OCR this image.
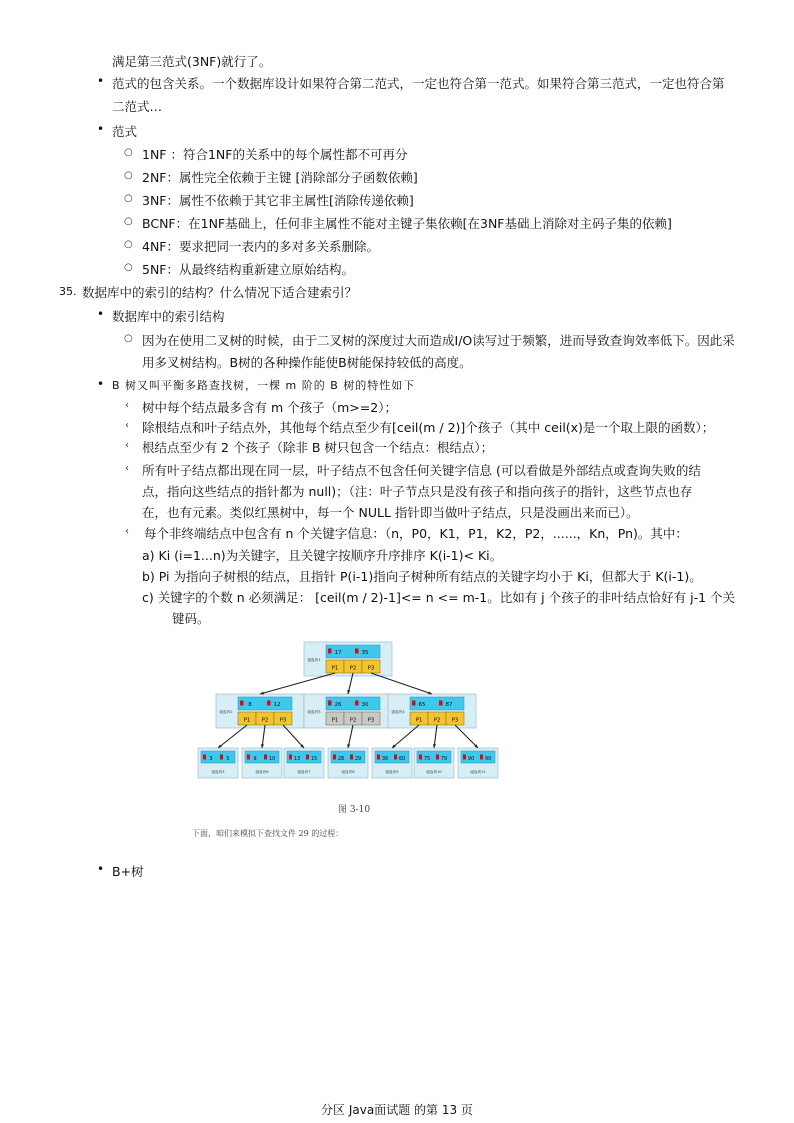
满足第三范式(3NF)就行了。
• 范式的包含关系。一个数据库设计如果符合第二范式，一定也符合第一范式。如果符合第三范式，一定也符合第
二范式…
• 范式
○ 1NF ：符合1NF的关系中的每个属性都不可再分
○ 2NF：属性完全依赖于主键 [消除部分子函数依赖]
○ 3NF：属性不依赖于其它非主属性[消除传递依赖]
○ BCNF：在1NF基础上，任何非主属性不能对主键子集依赖[在3NF基础上消除对主码子集的依赖]
○ 4NF：要求把同一表内的多对多关系删除。
○ 5NF：从最终结构重新建立原始结构。
35. 数据库中的索引的结构？什么情况下适合建索引？
• 数据库中的索引结构
○ 因为在使用二叉树的时候，由于二叉树的深度过大而造成I/O读写过于频繁，进而导致查询效率低下。因此采
用多叉树结构。B树的各种操作能使B树能保持较低的高度。
• B 树又叫平衡多路查找树，一棵 m 阶的 B 树的特性如下
‹ 树中每个结点最多含有 m 个孩子（m>=2）；
‹ 除根结点和叶子结点外，其他每个结点至少有[ceil(m / 2)]个孩子（其中 ceil(x)是一个取上限的函数）；
‹ 根结点至少有 2 个孩子（除非 B 树只包含一个结点：根结点）；
‹ 所有叶子结点都出现在同一层，叶子结点不包含任何关键字信息 (可以看做是外部结点或查询失败的结
点，指向这些结点的指针都为 null)；（注：叶子节点只是没有孩子和指向孩子的指针，这些节点也存
在，也有元素。类似红黑树中，每一个 NULL 指针即当做叶子结点，只是没画出来而已）。
‹ 每个非终端结点中包含有 n 个关键字信息：（n，P0，K1，P1，K2，P2，......，Kn，Pn)。其中：
a) Ki (i=1...n)为关键字，且关键字按顺序升序排序 K(i-1)< Ki。
b) Pi 为指向子树根的结点，且指针 P(i-1)指向子树种所有结点的关键字均小于 Ki，但都大于 K(i-1)。
c) 关键字的个数 n 必须满足： [ceil(m / 2)-1]<= n <= m-1。比如有 j 个孩子的非叶结点恰好有 j-1 个关
键码。
磁盘块1
17	35
P1 P2 P3
磁盘块2
8	12
P1 P2 P3
磁盘块3
26	30
P1 P2 P3
磁盘块4
65	87
P1 P2 P3
3	5
磁盘块5
9 10
磁盘块6
13 15
磁盘块7
28 29
磁盘块8
36 60
磁盘块9
75 79
磁盘块10
90 99
磁盘块11
图 3-10
下面，咱们来模拟下查找文件 29 的过程：
• B+树
分区 Java面试题 的第 13 页
